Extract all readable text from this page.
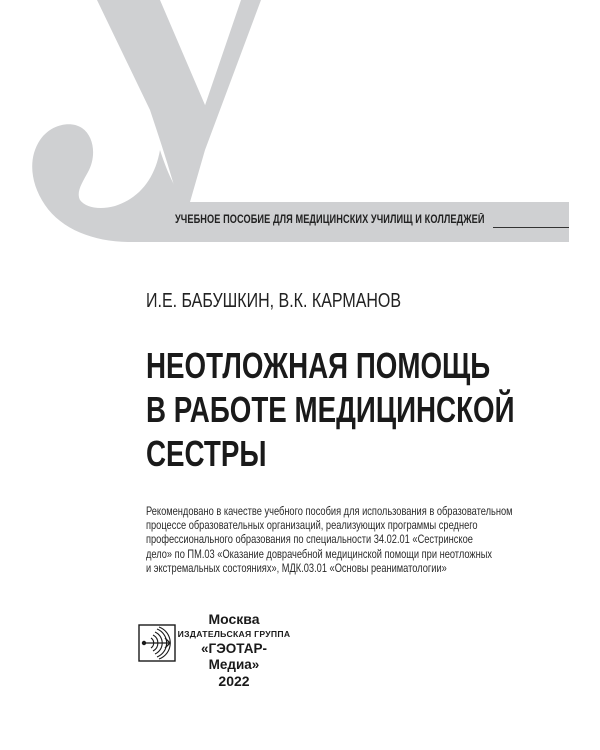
УЧЕБНОЕ ПОСОБИЕ ДЛЯ МЕДИЦИНСКИХ УЧИЛИЩ И КОЛЛЕДЖЕЙ
И.Е. БАБУШКИН, В.К. КАРМАНОВ
НЕОТЛОЖНАЯ ПОМОЩЬ
В РАБОТЕ МЕДИЦИНСКОЙ
СЕСТРЫ
Рекомендовано в качестве учебного пособия для использования в образовательном
процессе образовательных организаций, реализующих программы среднего
профессионального образования по специальности 34.02.01 «Сестринское
дело» по ПМ.03 «Оказание доврачебной медицинской помощи при неотложных
и экстремальных состояниях», МДК.03.01 «Основы реаниматологии»
Москва
ИЗДАТЕЛЬСКАЯ ГРУППА
«ГЭОТАР-Медиа»
2022
